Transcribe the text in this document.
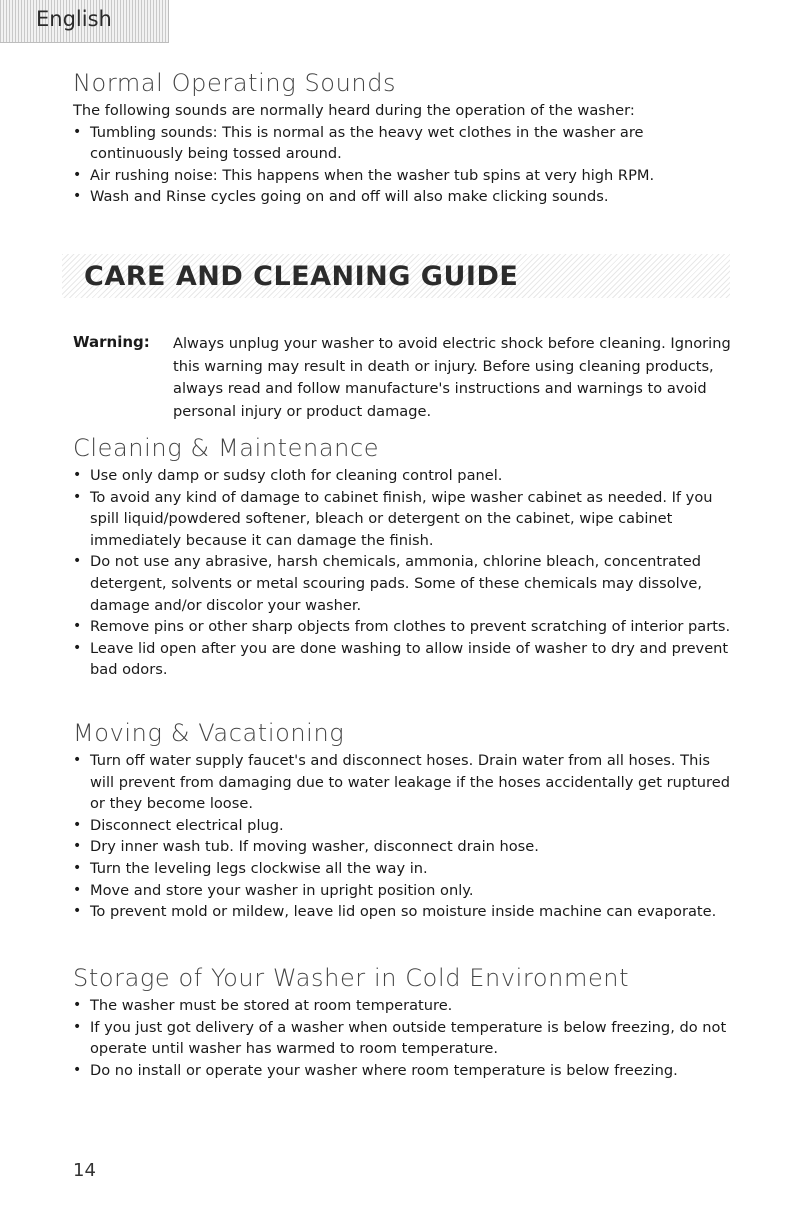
English
Normal Operating Sounds

The following sounds are normally heard during the operation of the washer:

• Tumbling sounds: This is normal as the heavy wet clothes in the washer are continuously being tossed around.
• Air rushing noise: This happens when the washer tub spins at very high RPM.
• Wash and Rinse cycles going on and off will also make clicking sounds.
CARE AND CLEANING GUIDE
Warning: Always unplug your washer to avoid electric shock before cleaning. Ignoring this warning may result in death or injury. Before using cleaning products, always read and follow manufacture's instructions and warnings to avoid personal injury or product damage.
Cleaning & Maintenance
• Use only damp or sudsy cloth for cleaning control panel.
• To avoid any kind of damage to cabinet finish, wipe washer cabinet as needed. If you spill liquid/powdered softener, bleach or detergent on the cabinet, wipe cabinet immediately because it can damage the finish.
• Do not use any abrasive, harsh chemicals, ammonia, chlorine bleach, concentrated detergent, solvents or metal scouring pads. Some of these chemicals may dissolve, damage and/or discolor your washer.
• Remove pins or other sharp objects from clothes to prevent scratching of interior parts.
• Leave lid open after you are done washing to allow inside of washer to dry and prevent bad odors.
Moving & Vacationing
• Turn off water supply faucet's and disconnect hoses. Drain water from all hoses. This will prevent from damaging due to water leakage if the hoses accidentally get ruptured or they become loose.
• Disconnect electrical plug.
• Dry inner wash tub. If moving washer, disconnect drain hose.
• Turn the leveling legs clockwise all the way in.
• Move and store your washer in upright position only.
• To prevent mold or mildew, leave lid open so moisture inside machine can evaporate.
Storage of Your Washer in Cold Environment
• The washer must be stored at room temperature.
• If you just got delivery of a washer when outside temperature is below freezing, do not operate until washer has warmed to room temperature.
• Do no install or operate your washer where room temperature is below freezing.
14
